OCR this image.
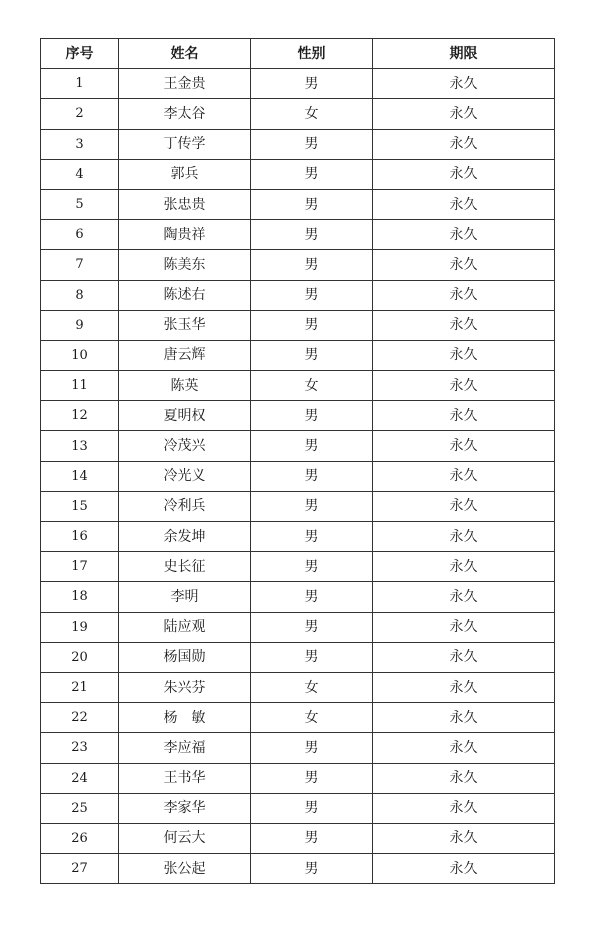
序号	姓名	性别	期限
1	王金贵	男	永久
2	李太谷	女	永久
3	丁传学	男	永久
4	郭兵	男	永久
5	张忠贵	男	永久
6	陶贵祥	男	永久
7	陈美东	男	永久
8	陈述右	男	永久
9	张玉华	男	永久
10	唐云辉	男	永久
11	陈英	女	永久
12	夏明权	男	永久
13	冷茂兴	男	永久
14	冷光义	男	永久
15	冷利兵	男	永久
16	余发坤	男	永久
17	史长征	男	永久
18	李明	男	永久
19	陆应观	男	永久
20	杨国勋	男	永久
21	朱兴芬	女	永久
22	杨　敏	女	永久
23	李应福	男	永久
24	王书华	男	永久
25	李家华	男	永久
26	何云大	男	永久
27	张公起	男	永久
